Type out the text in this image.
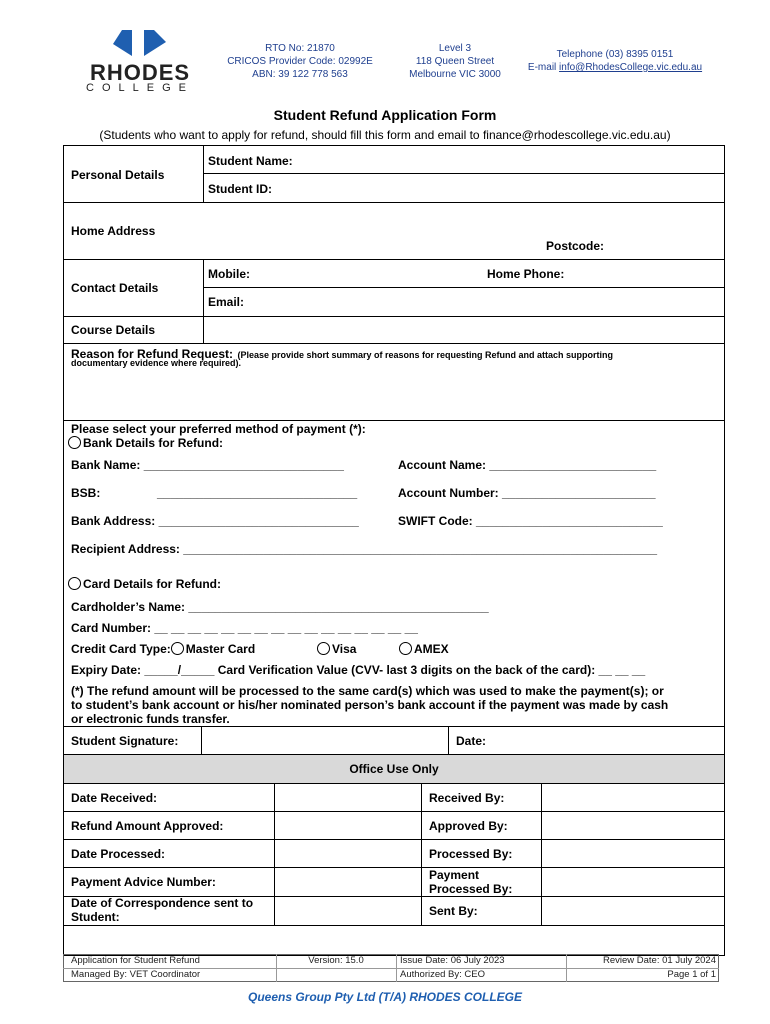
RHODES
COLLEGE
RTO No: 21870
CRICOS Provider Code: 02992E
ABN: 39 122 778 563
Level 3
118 Queen Street
Melbourne VIC 3000
Telephone (03) 8395 0151
E-mail info@RhodesCollege.vic.edu.au
Student Refund Application Form
(Students who want to apply for refund, should fill this form and email to finance@rhodescollege.vic.edu.au)
Office Use Only
Personal Details
Student Name:
Student ID:
Home Address
Postcode:
Contact Details
Mobile:	Home Phone:
Email:
Course Details
Reason for Refund Request: (Please provide short summary of reasons for requesting Refund and attach supporting
documentary evidence where required).
Please select your preferred method of payment (*):
Bank Details for Refund:
Bank Name: ______________________________	Account Name: _________________________
BSB:	______________________________	Account Number: _______________________
Bank Address: ______________________________	SWIFT Code: ____________________________
Recipient Address: _______________________________________________________________________
Card Details for Refund:
Cardholder’s Name: _____________________________________________
Card Number: __ __ __ __ __ __ __ __ __ __ __ __ __ __ __ __
Credit Card Type: Master Card	Visa	AMEX
Expiry Date: _____/_____ Card Verification Value (CVV- last 3 digits on the back of the card): __ __ __
(*) The refund amount will be processed to the same card(s) which was used to make the payment(s); or
to student’s bank account or his/her nominated person’s bank account if the payment was made by cash
or electronic funds transfer.
Student Signature:	Date:
Date Received:	Received By:
Refund Amount Approved:	Approved By:
Date Processed:	Processed By:
Payment Advice Number:	Payment
Processed By:
Date of Correspondence sent to
Student:	Sent By:
Application for Student Refund
Managed By: VET Coordinator
Version: 15.0	Issue Date: 06 July 2023
Authorized By: CEO
Review Date: 01 July 2024
Page 1 of 1
Queens Group Pty Ltd (T/A) RHODES COLLEGE
